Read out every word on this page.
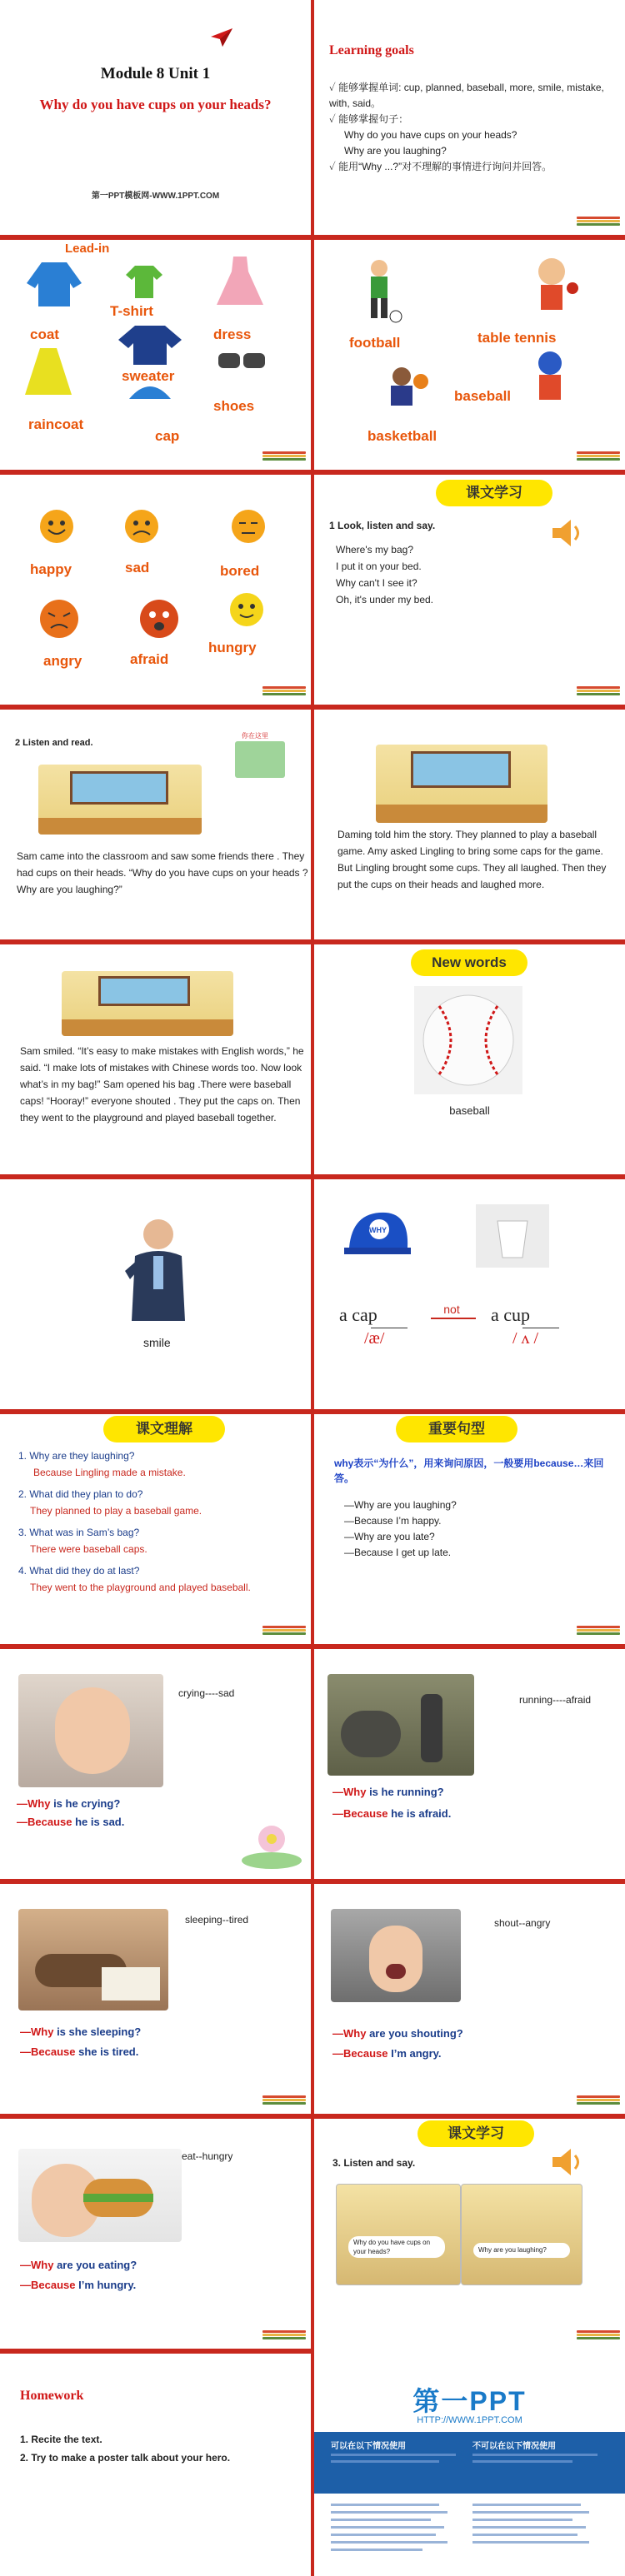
Module 8 Unit 1
Why do you have cups on your heads?
第一PPT模板网-WWW.1PPT.COM
Learning goals
✓ 能够掌握单词: cup, planned, baseball, more, smile, mistake, with, said。
✓ 能够掌握句子：
Why do you have cups on your heads?
Why are you laughing?
✓ 能用“Why ...?”对不理解的事情进行询问并回答。
Lead-in
coat
T-shirt
dress
sweater
raincoat
shoes
cap
football	table tennis
baseball
basketball
happy	sad	bored
angry	afraid
hungry
课文学习
1 Look, listen and say.
Where's my bag?
I put it on your bed.
Why can't I see it?
Oh, it's under my bed.
2 Listen and read.
你在这里
Sam came into the classroom and saw some friends there . They had cups on their heads. “Why do you have cups on your heads ?Why are you laughing?”
Daming told him the story. They planned to play a baseball game. Amy asked Lingling to bring some caps for the game. But Lingling brought some cups. They all laughed. Then they put the cups on their heads and laughed more.
Sam smiled. “It’s easy to make mistakes with English words,” he said. “I make lots of mistakes with Chinese words too. Now look what’s in my bag!” Sam opened his bag .There were baseball caps! “Hooray!” everyone shouted . They put the caps on. Then they went to the playground and played baseball together.
New words
baseball
smile
WHY
a cap	not	a cup
/æ/	/ ʌ /
课文理解
1. Why are they laughing?
Because Lingling made a mistake.
2. What did they plan to do?
They planned to play a baseball game.
3. What was in Sam’s bag?
There were baseball caps.
4. What did they do at last?
They went to the playground and played baseball.
重要句型
why表示“为什么”，用来询问原因，一般要用because…来回答。
—Why are you laughing?
—Because I’m happy.
—Why are you late?
—Because I get up late.
crying----sad
—Why is he crying?
—Because he is sad.
running----afraid
—Why is he running?
—Because he is afraid.
sleeping--tired
—Why is she sleeping?
—Because she is tired.
shout--angry
—Why are you shouting?
—Because I’m angry.
eat--hungry
—Why are you eating?
—Because I’m hungry.
课文学习
3. Listen and say.
Why do you have cups on your heads?	Why are you laughing?
Homework
1. Recite the text.
2. Try to make a poster talk about your hero.
第一PPT
HTTP://WWW.1PPT.COM
可以在以下情况使用	不可以在以下情况使用
